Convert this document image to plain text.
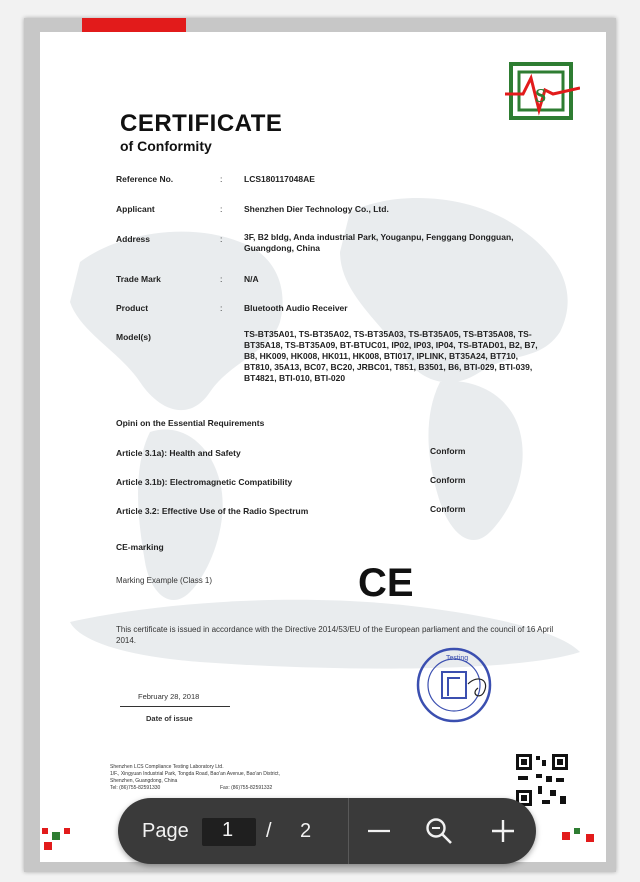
S
CERTIFICATE
of Conformity
Reference No.	:	LCS180117048AE
Applicant	:	Shenzhen Dier Technology Co., Ltd.
Address	:	3F, B2 bldg, Anda industrial Park, Youganpu, Fenggang Dongguan, Guangdong, China
Trade Mark	:	N/A
Product	:	Bluetooth Audio Receiver
Model(s)	TS-BT35A01, TS-BT35A02, TS-BT35A03, TS-BT35A05, TS-BT35A08, TS-BT35A18, TS-BT35A09, BT-BTUC01, IP02, IP03, IP04, TS-BTAD01, B2, B7, B8, HK009, HK008, HK011, HK008, BTI017, IPLINK, BT35A24, BT710, BT810, 35A13, BC07, BC20, JRBC01, T851, B3501, B6, BTI-029, BTI-039, BT4821, BTI-010, BTI-020
Opini on the Essential Requirements
Article 3.1a): Health and Safety	Conform
Article 3.1b): Electromagnetic Compatibility	Conform
Article 3.2: Effective Use of the Radio Spectrum	Conform
CE-marking
Marking Example (Class 1)	CE
This certificate is issued in accordance with the Directive 2014/53/EU of the European parliament and the council of 16 April 2014.
Testing
February 28, 2018
Date of issue
Shenzhen LCS Compliance Testing Laboratory Ltd.
1/F., Xingyuan Industrial Park, Tongda Road, Bao'an Avenue, Bao'an District,
Shenzhen, Guangdong, China
Tel: (86)755-82591330	Fax: (86)755-82591332
Page 1 / 2
